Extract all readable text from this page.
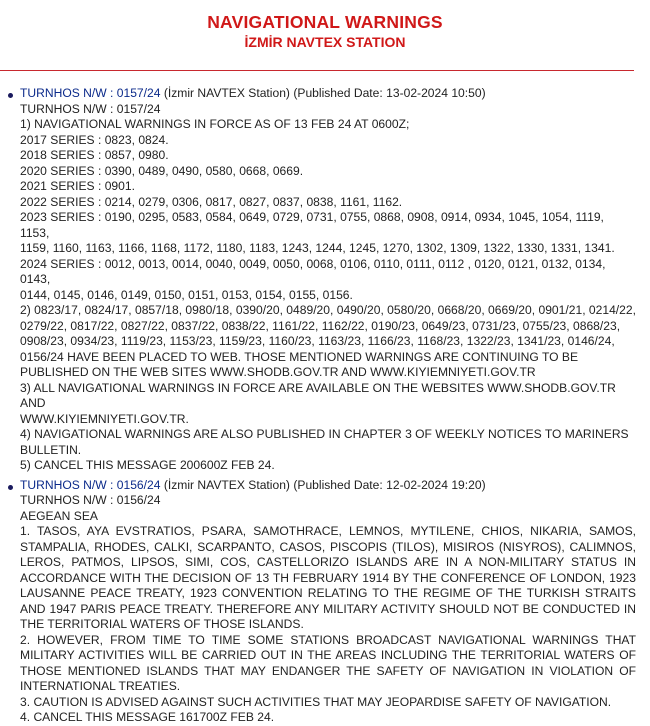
NAVIGATIONAL WARNINGS
İZMİR NAVTEX STATION
TURNHOS N/W : 0157/24 (İzmir NAVTEX Station) (Published Date: 13-02-2024 10:50)
TURNHOS N/W : 0157/24
1) NAVIGATIONAL WARNINGS IN FORCE AS OF 13 FEB 24 AT 0600Z;
2017 SERIES : 0823, 0824.
2018 SERIES : 0857, 0980.
2020 SERIES : 0390, 0489, 0490, 0580, 0668, 0669.
2021 SERIES : 0901.
2022 SERIES : 0214, 0279, 0306, 0817, 0827, 0837, 0838, 1161, 1162.
2023 SERIES : 0190, 0295, 0583, 0584, 0649, 0729, 0731, 0755, 0868, 0908, 0914, 0934, 1045, 1054, 1119, 1153,
1159, 1160, 1163, 1166, 1168, 1172, 1180, 1183, 1243, 1244, 1245, 1270, 1302, 1309, 1322, 1330, 1331, 1341.
2024 SERIES : 0012, 0013, 0014, 0040, 0049, 0050, 0068, 0106, 0110, 0111, 0112 , 0120, 0121, 0132, 0134, 0143,
0144, 0145, 0146, 0149, 0150, 0151, 0153, 0154, 0155, 0156.
2) 0823/17, 0824/17, 0857/18, 0980/18, 0390/20, 0489/20, 0490/20, 0580/20, 0668/20, 0669/20, 0901/21, 0214/22,
0279/22, 0817/22, 0827/22, 0837/22, 0838/22, 1161/22, 1162/22, 0190/23, 0649/23, 0731/23, 0755/23, 0868/23,
0908/23, 0934/23, 1119/23, 1153/23, 1159/23, 1160/23, 1163/23, 1166/23, 1168/23, 1322/23, 1341/23, 0146/24,
0156/24 HAVE BEEN PLACED TO WEB. THOSE MENTIONED WARNINGS ARE CONTINUING TO BE
PUBLISHED ON THE WEB SITES WWW.SHODB.GOV.TR AND WWW.KIYIEMNIYETI.GOV.TR
3) ALL NAVIGATIONAL WARNINGS IN FORCE ARE AVAILABLE ON THE WEBSITES WWW.SHODB.GOV.TR AND
WWW.KIYIEMNIYETI.GOV.TR.
4) NAVIGATIONAL WARNINGS ARE ALSO PUBLISHED IN CHAPTER 3 OF WEEKLY NOTICES TO MARINERS
BULLETIN.
5) CANCEL THIS MESSAGE 200600Z FEB 24.
TURNHOS N/W : 0156/24 (İzmir NAVTEX Station) (Published Date: 12-02-2024 19:20)
TURNHOS N/W : 0156/24
AEGEAN SEA
1. TASOS, AYA EVSTRATIOS, PSARA, SAMOTHRACE, LEMNOS, MYTILENE, CHIOS, NIKARIA, SAMOS, STAMPALIA, RHODES, CALKI, SCARPANTO, CASOS, PISCOPIS (TILOS), MISIROS (NISYROS), CALIMNOS, LEROS, PATMOS, LIPSOS, SIMI, COS, CASTELLORIZO ISLANDS ARE IN A NON-MILITARY STATUS IN ACCORDANCE WITH THE DECISION OF 13 TH FEBRUARY 1914 BY THE CONFERENCE OF LONDON, 1923 LAUSANNE PEACE TREATY, 1923 CONVENTION RELATING TO THE REGIME OF THE TURKISH STRAITS AND 1947 PARIS PEACE TREATY. THEREFORE ANY MILITARY ACTIVITY SHOULD NOT BE CONDUCTED IN THE TERRITORIAL WATERS OF THOSE ISLANDS.
2. HOWEVER, FROM TIME TO TIME SOME STATIONS BROADCAST NAVIGATIONAL WARNINGS THAT MILITARY ACTIVITIES WILL BE CARRIED OUT IN THE AREAS INCLUDING THE TERRITORIAL WATERS OF THOSE MENTIONED ISLANDS THAT MAY ENDANGER THE SAFETY OF NAVIGATION IN VIOLATION OF INTERNATIONAL TREATIES.
3. CAUTION IS ADVISED AGAINST SUCH ACTIVITIES THAT MAY JEOPARDISE SAFETY OF NAVIGATION.
4. CANCEL THIS MESSAGE 161700Z FEB 24.
